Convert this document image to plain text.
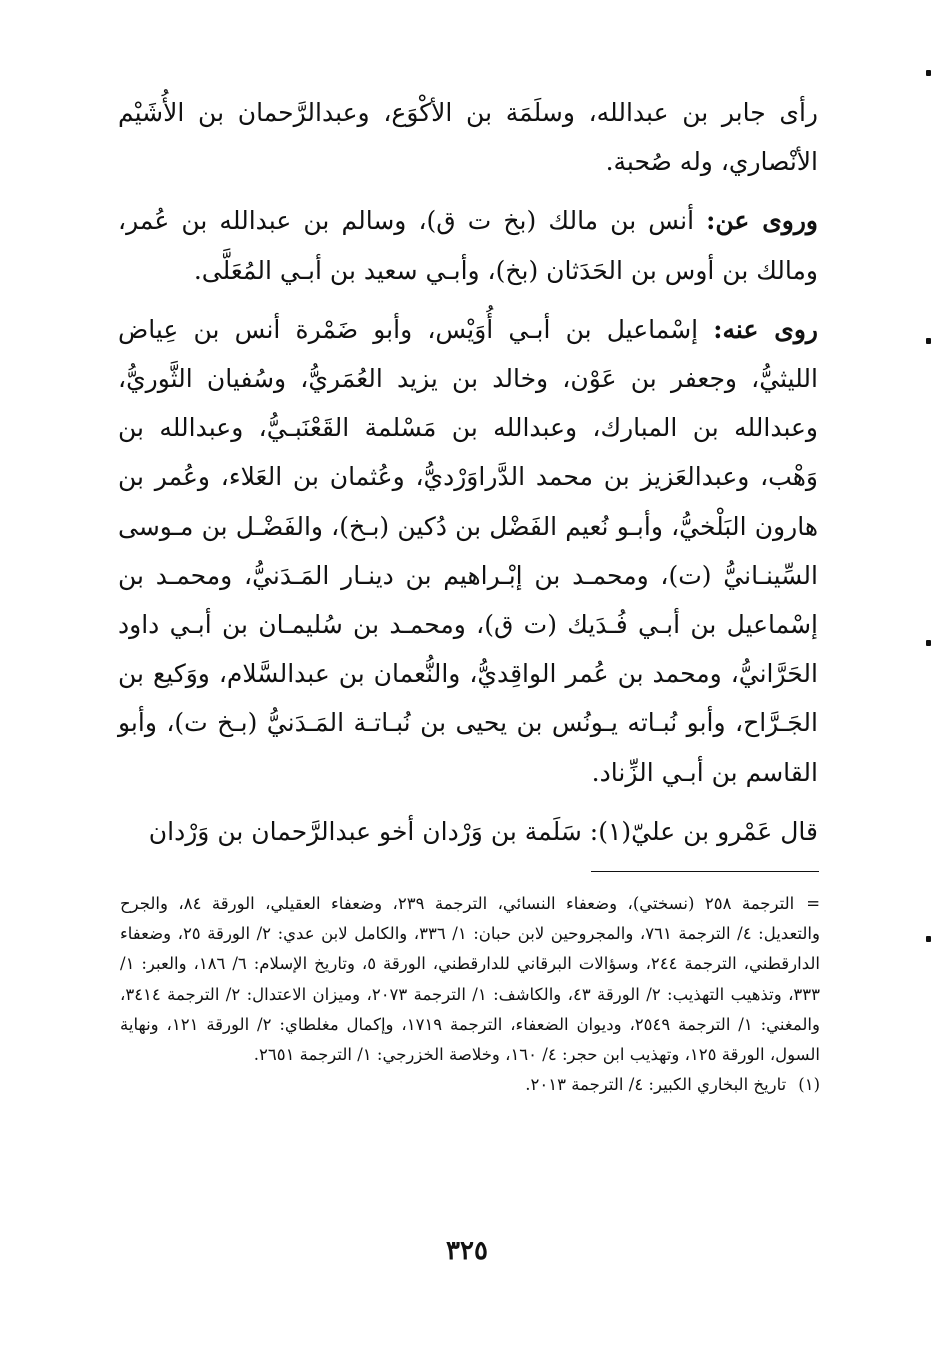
رأى جابر بن عبدالله، وسلَمَة بن الأكْوَع، وعبدالرَّحمان بن الأُشَيْم الأنْصاري، وله صُحبة.

وروى عن: أنس بن مالك (بخ ت ق)، وسالم بن عبدالله بن عُمر، ومالك بن أوس بن الحَدَثان (بخ)، وأبـي سعيد بن أبـي المُعَلَّى.

روى عنه: إسْماعيل بن أبـي أُوَيْس، وأبو ضَمْرة أنس بن عِياض الليثيُّ، وجعفر بن عَوْن، وخالد بن يزيد العُمَريُّ، وسُفيان الثَّوريُّ، وعبدالله بن المبارك، وعبدالله بن مَسْلمة القَعْنَبـيُّ، وعبدالله بن وَهْب، وعبدالعَزيز بن محمد الدَّراوَرْديُّ، وعُثمان بن العَلاء، وعُمر بن هارون البَلْخيُّ، وأبـو نُعيم الفَضْل بن دُكين (بـخ)، والفَضْـل بن مـوسى السِّينـانيُّ (ت)، ومحمـد بن إبْـراهيم بن دينـار المَـدَنيُّ، ومحمـد بن إسْماعيل بن أبـي فُـدَيك (ت ق)، ومحمـد بن سُليمـان بن أبـي داود الحَرَّانيُّ، ومحمد بن عُمر الواقِديُّ، والنُّعمان بن عبدالسَّلام، ووَكيع بن الجَـرَّاح، وأبو نُبـاته يـونُس بن يحيى بن نُبـاتـة المَـدَنيُّ (بـخ ت)، وأبو القاسم بن أبـي الزِّناد.

قال عَمْرو بن عليّ(١): سَلَمة بن وَرْدان أخو عبدالرَّحمان بن وَرْدان

=الترجمة ٢٥٨ (نسختي)، وضعفاء النسائي، الترجمة ٢٣٩، وضعفاء العقيلي، الورقة ٨٤، والجرح والتعديل: ٤/ الترجمة ٧٦١، والمجروحين لابن حبان: ١/ ٣٣٦، والكامل لابن عدي: ٢/ الورقة ٢٥، وضعفاء الدارقطني، الترجمة ٢٤٤، وسؤالات البرقاني للدارقطني، الورقة ٥، وتاريخ الإسلام: ٦/ ١٨٦، والعبر: ١/ ٣٣٣، وتذهيب التهذيب: ٢/ الورقة ٤٣، والكاشف: ١/ الترجمة ٢٠٧٣، وميزان الاعتدال: ٢/ الترجمة ٣٤١٤، والمغني: ١/ الترجمة ٢٥٤٩، وديوان الضعفاء، الترجمة ١٧١٩، وإكمال مغلطاي: ٢/ الورقة ١٢١، ونهاية السول، الورقة ١٢٥، وتهذيب ابن حجر: ٤/ ١٦٠، وخلاصة الخزرجي: ١/ الترجمة ٢٦٥١.

(١)تاريخ البخاري الكبير: ٤/ الترجمة ٢٠١٣.

٣٢٥
